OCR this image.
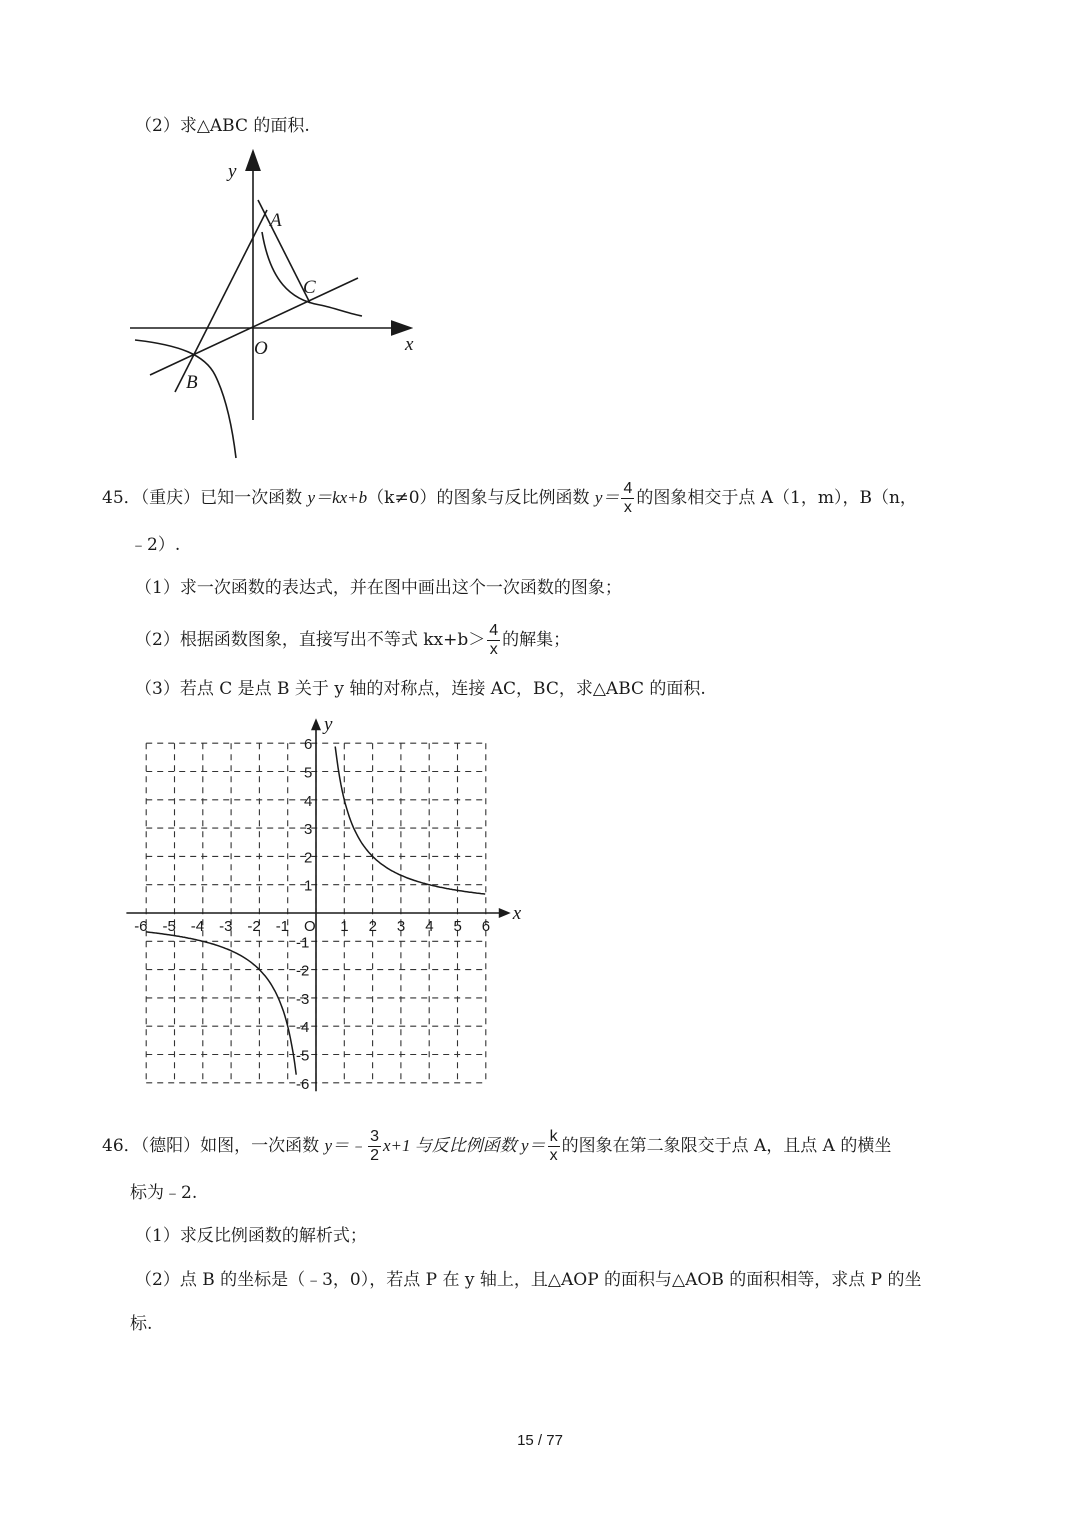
（2）求△ABC 的面积.
y
x
O
A
B
C
45．（重庆）已知一次函数 y＝kx+b（k≠0）的图象与反比例函数 $y= \frac{4}{x}$ 的图象相交于点 A（1，m），B（n，
﹣2）.
（1）求一次函数的表达式，并在图中画出这个一次函数的图象；
（2）根据函数图象，直接写出不等式 $kx+b> \frac{4}{x}$ 的解集；
（3）若点 C 是点 B 关于 y 轴的对称点，连接 AC，BC，求△ABC 的面积.
-6 -5 -4 -3 -2 -1	1 2 3 4 5 6
6
5
4
3
2
1
-1
-2
-3
-4
-5
-6
O
x
y
46．（德阳）如图，一次函数 y＝﹣ $\frac{3}{2} x+1$ 与反比例函数 $y= \frac{k}{x}$ 的图象在第二象限交于点 A，且点 A 的横坐
标为﹣2.
（1）求反比例函数的解析式；
（2）点 B 的坐标是（﹣3，0），若点 P 在 y 轴上，且△AOP 的面积与△AOB 的面积相等，求点 P 的坐
标.
15 / 77
